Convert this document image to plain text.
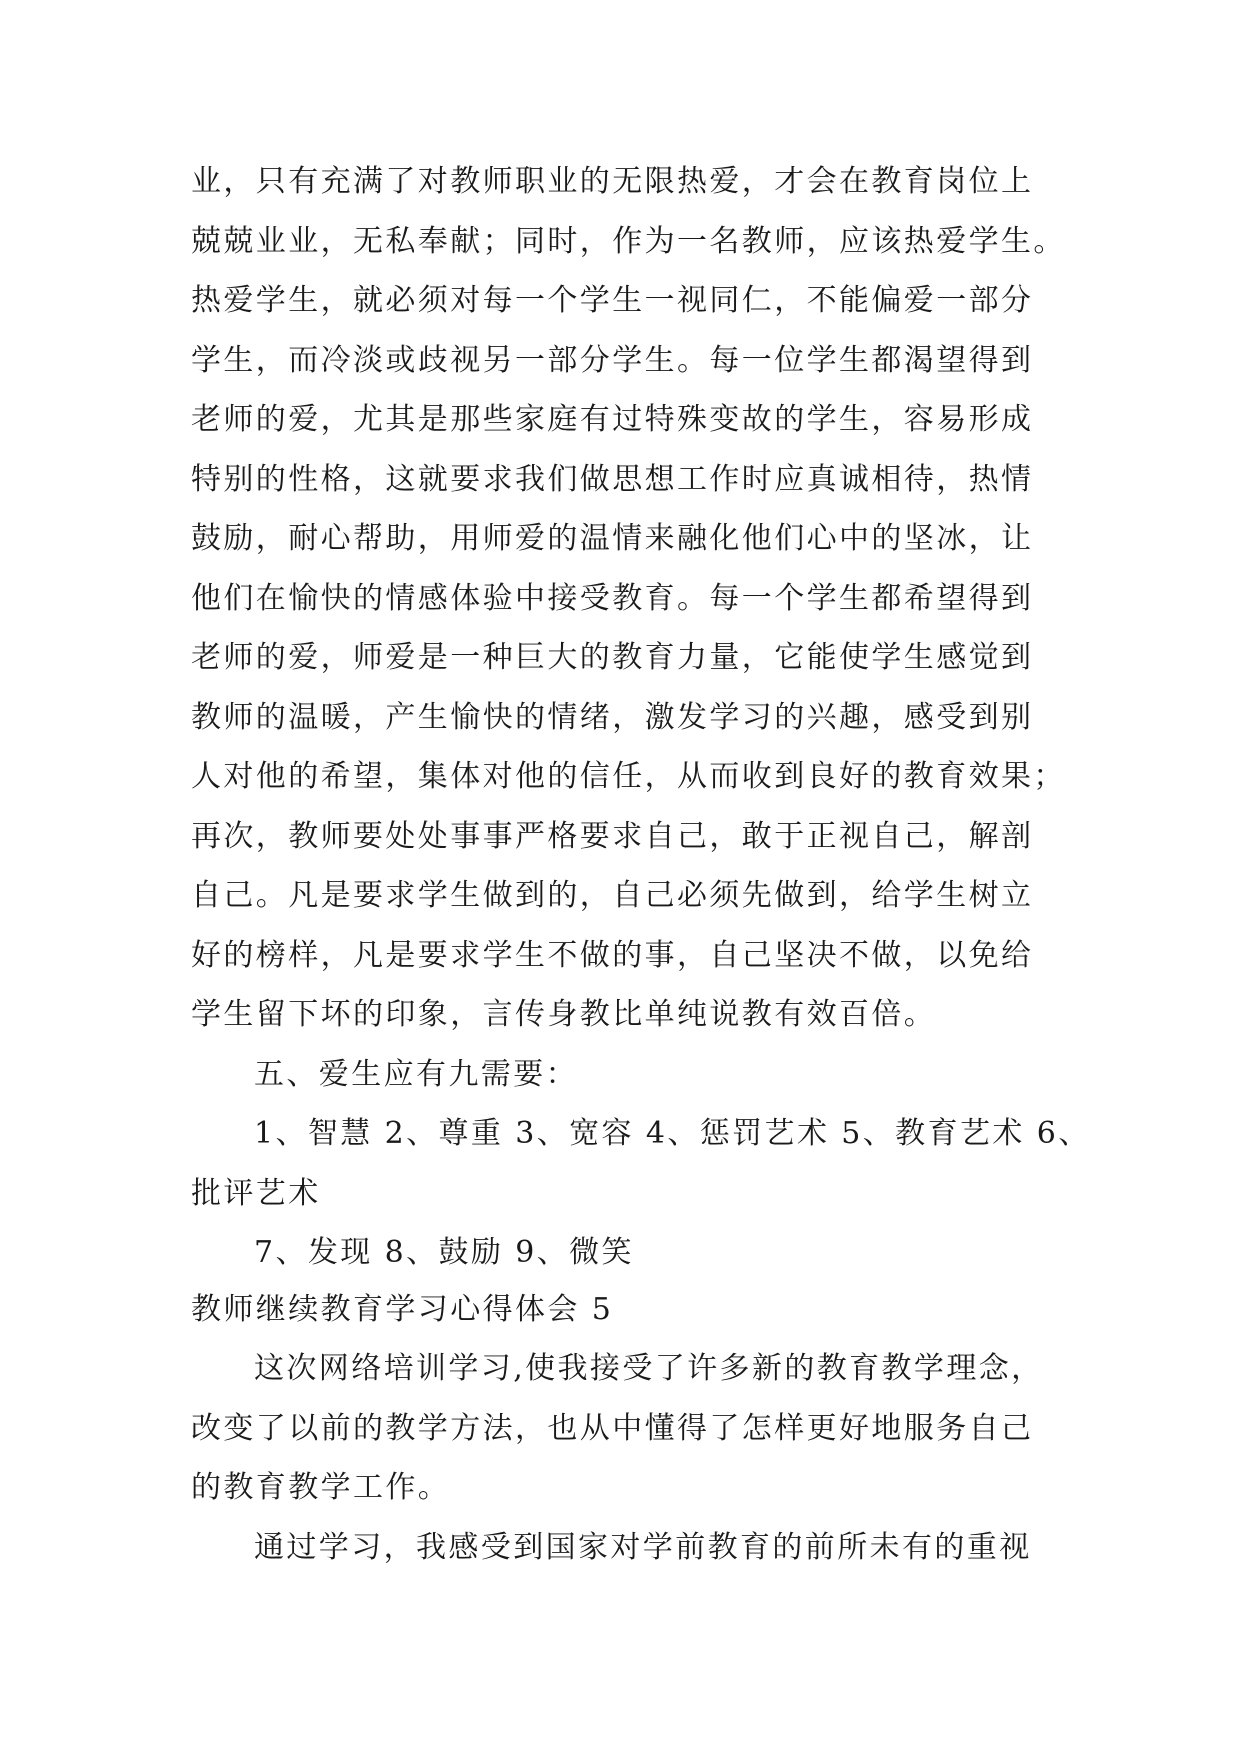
业，只有充满了对教师职业的无限热爱，才会在教育岗位上
兢兢业业，无私奉献；同时，作为一名教师，应该热爱学生。
热爱学生，就必须对每一个学生一视同仁，不能偏爱一部分
学生，而冷淡或歧视另一部分学生。每一位学生都渴望得到
老师的爱，尤其是那些家庭有过特殊变故的学生，容易形成
特别的性格，这就要求我们做思想工作时应真诚相待，热情
鼓励，耐心帮助，用师爱的温情来融化他们心中的坚冰，让
他们在愉快的情感体验中接受教育。每一个学生都希望得到
老师的爱，师爱是一种巨大的教育力量，它能使学生感觉到
教师的温暖，产生愉快的情绪，激发学习的兴趣，感受到别
人对他的希望，集体对他的信任，从而收到良好的教育效果；
再次，教师要处处事事严格要求自己，敢于正视自己，解剖
自己。凡是要求学生做到的，自己必须先做到，给学生树立
好的榜样，凡是要求学生不做的事，自己坚决不做，以免给
学生留下坏的印象，言传身教比单纯说教有效百倍。
五、爱生应有九需要：
1、智慧 2、尊重 3、宽容 4、惩罚艺术 5、教育艺术 6、
批评艺术
7、发现 8、鼓励 9、微笑
教师继续教育学习心得体会 5
这次网络培训学习,使我接受了许多新的教育教学理念，
改变了以前的教学方法，也从中懂得了怎样更好地服务自己
的教育教学工作。
通过学习，我感受到国家对学前教育的前所未有的重视
